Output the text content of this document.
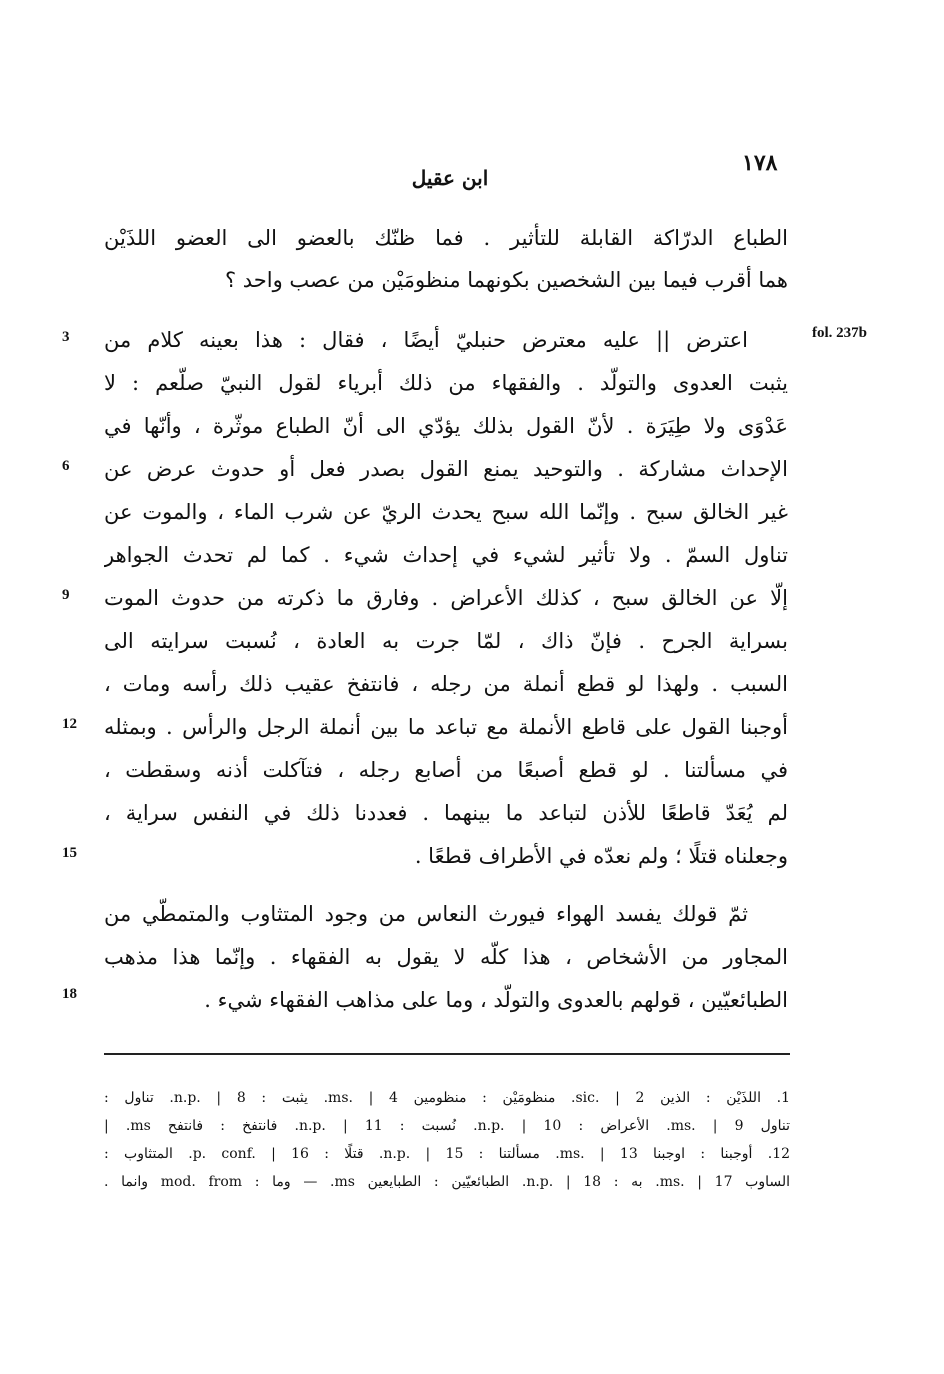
١٧٨
ابن عقيل
الطباع الدرّاكة القابلة للتأثير . فما ظنّك بالعضو الى العضو اللذَيْن
هما أقرب فيما بين الشخصين بكونهما منظومَيْن من عصب واحد ؟
اعترض || عليه معترض حنبليّ أيضًا ، فقال : هذا بعينه كلام من
يثبت العدوى والتولّد . والفقهاء من ذلك أبرياء لقول النبيّ صلّعم : لا
عَدْوَى ولا طِيَرَة . لأنّ القول بذلك يؤدّي الى أنّ الطباع موثّرة ، وأنّها في
الإحداث مشاركة . والتوحيد يمنع القول بصدر فعل أو حدوث عرض عن
غير الخالق سبح . وإنّما الله سبح يحدث الريّ عن شرب الماء ، والموت عن
تناول السمّ . ولا تأثير لشيء في إحداث شيء . كما لم تحدث الجواهر
إلّا عن الخالق سبح ، كذلك الأعراض . وفارق ما ذكرته من حدوث الموت
بسراية الجرح . فإنّ ذاك ، لمّا جرت به العادة ، نُسبت سرايته الى
السبب . ولهذا لو قطع أنملة من رجله ، فانتفخ عقيب ذلك رأسه ومات ،
أوجبنا القول على قاطع الأنملة مع تباعد ما بين أنملة الرجل والرأس . وبمثله
في مسألتنا . لو قطع أصبعًا من أصابع رجله ، فتآكلت أذنه وسقطت ،
لم يُعَدّ قاطعًا للأذن لتباعد ما بينهما . فعددنا ذلك في النفس سراية ،
وجعلناه قتلًا ؛ ولم نعدّه في الأطراف قطعًا .
ثمّ قولك يفسد الهواء فيورث النعاس من وجود المتثاوب والمتمطّي من
المجاور من الأشخاص ، هذا كلّه لا يقول به الفقهاء . وإنّما هذا مذهب
الطبائعيّين ، قولهم بالعدوى والتولّد ، وما على مذاهب الفقهاء شيء .
3
6
9
12
15
18
fol. 237b
1. اللذَيْن : الذين sic. | 2. منظومَيْن : منظومين ms. | 4. يثبت : n.p. | 8. تناول :
تناول ms. | 9. الأعراض : n.p. | 10. نُسبت : n.p. | 11. فانتفخ : فانتفح ms. |
12. أوجبنا : اوجبنا ms. | 13. مسألتنا : n.p. | 15. قتلًا : p. conf. | 16. المتثاوب :
الساوب ms. | 17. به : n.p. | 18. الطبائعيّين : الطبايعين ms. — وما : mod. from وانما .
